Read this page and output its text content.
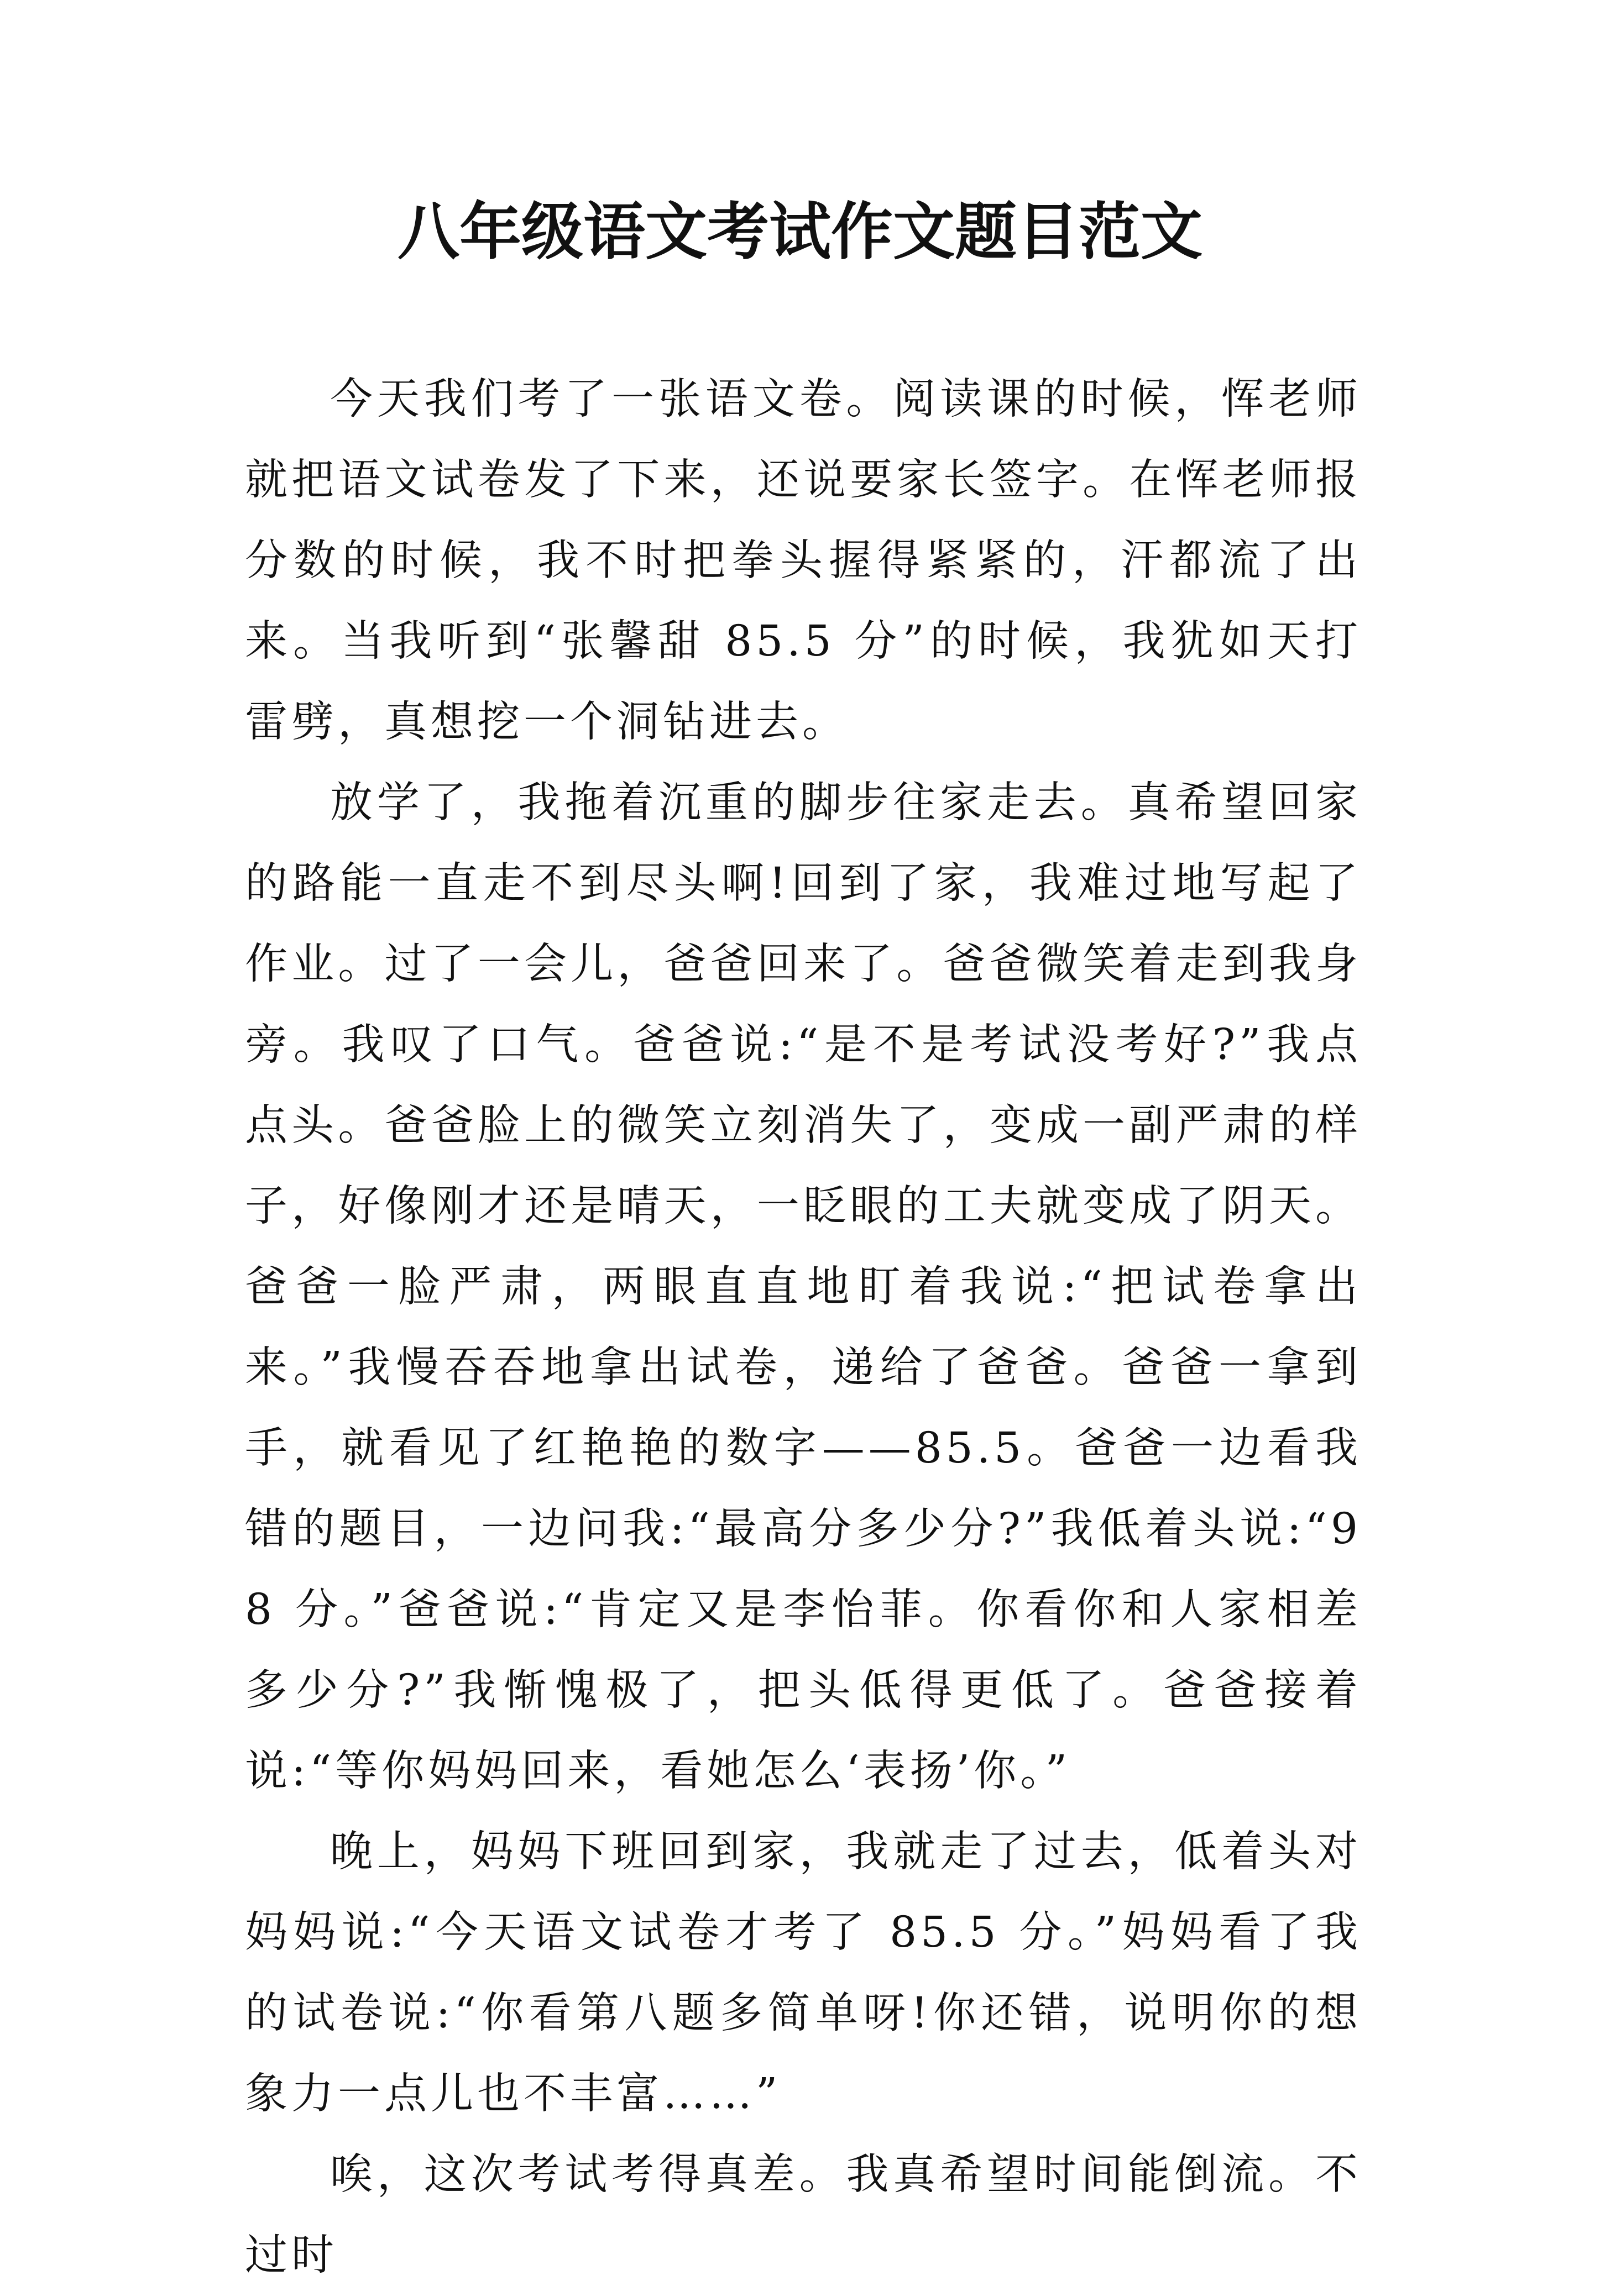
八年级语文考试作文题目范文

今天我们考了一张语文卷。阅读课的时候，恽老师就把语文试卷发了下来，还说要家长签字。在恽老师报分数的时候，我不时把拳头握得紧紧的，汗都流了出来。当我听到“张馨甜 85.5 分”的时候，我犹如天打雷劈，真想挖一个洞钻进去。

放学了，我拖着沉重的脚步往家走去。真希望回家的路能一直走不到尽头啊!回到了家，我难过地写起了作业。过了一会儿，爸爸回来了。爸爸微笑着走到我身旁。我叹了口气。爸爸说:“是不是考试没考好?”我点点头。爸爸脸上的微笑立刻消失了，变成一副严肃的样子，好像刚才还是晴天，一眨眼的工夫就变成了阴天。爸爸一脸严肃，两眼直直地盯着我说:“把试卷拿出来。”我慢吞吞地拿出试卷，递给了爸爸。爸爸一拿到手，就看见了红艳艳的数字——85.5。爸爸一边看我错的题目，一边问我:“最高分多少分?”我低着头说:“98 分。”爸爸说:“肯定又是李怡菲。你看你和人家相差多少分?”我惭愧极了，把头低得更低了。爸爸接着说:“等你妈妈回来，看她怎么‘表扬’你。”

晚上，妈妈下班回到家，我就走了过去，低着头对妈妈说:“今天语文试卷才考了 85.5 分。”妈妈看了我的试卷说:“你看第八题多简单呀!你还错，说明你的想象力一点儿也不丰富……”

唉，这次考试考得真差。我真希望时间能倒流。不过时
